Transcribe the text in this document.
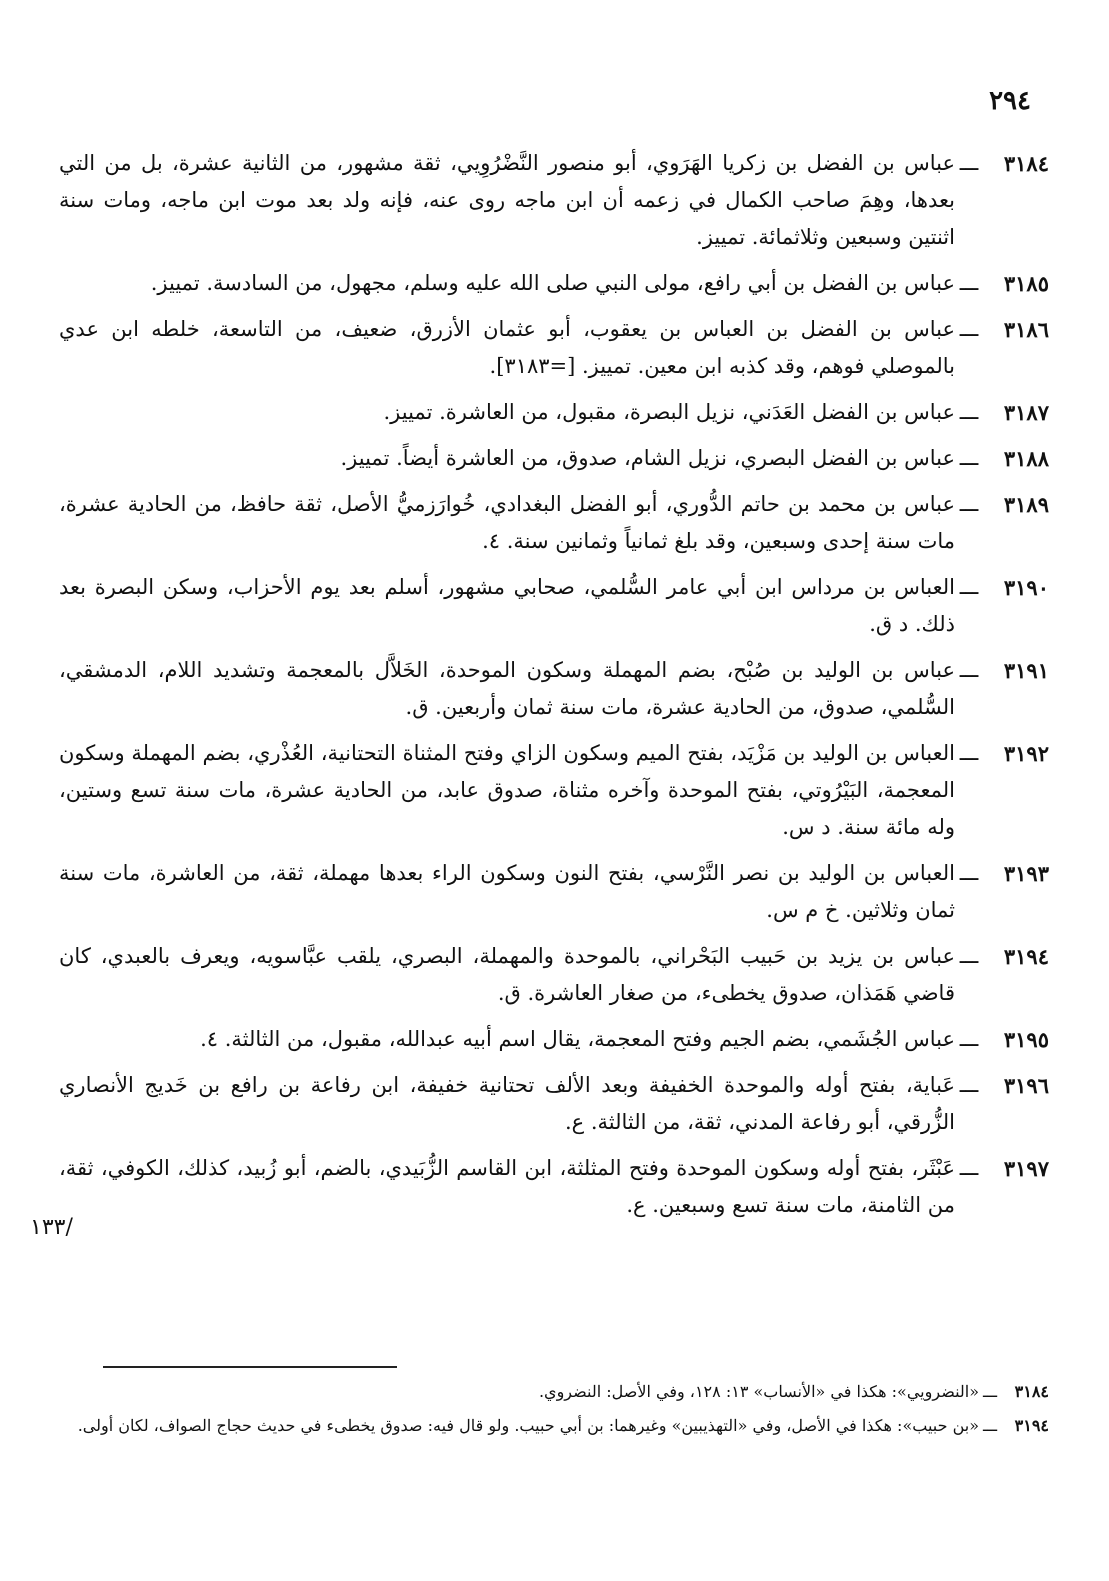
٢٩٤
٣١٨٤
ـــ
عباس بن الفضل بن زكريا الهَرَوي، أبو منصور النَّضْرُوِيي، ثقة مشهور، من الثانية عشرة، بل من التي بعدها، وهِمَ صاحب الكمال في زعمه أن ابن ماجه روى عنه، فإنه ولد بعد موت ابن ماجه، ومات سنة اثنتين وسبعين وثلاثمائة. تمييز.
٣١٨٥
ـــ
عباس بن الفضل بن أبي رافع، مولى النبي صلى الله عليه وسلم، مجهول، من السادسة. تمييز.
٣١٨٦
ـــ
عباس بن الفضل بن العباس بن يعقوب، أبو عثمان الأزرق، ضعيف، من التاسعة، خلطه ابن عدي بالموصلي فوهم، وقد كذبه ابن معين. تمييز. [=٣١٨٣].
٣١٨٧
ـــ
عباس بن الفضل العَدَني، نزيل البصرة، مقبول، من العاشرة. تمييز.
٣١٨٨
ـــ
عباس بن الفضل البصري، نزيل الشام، صدوق، من العاشرة أيضاً. تمييز.
٣١٨٩
ـــ
عباس بن محمد بن حاتم الدُّوري، أبو الفضل البغدادي، خُوارَزميُّ الأصل، ثقة حافظ، من الحادية عشرة، مات سنة إحدى وسبعين، وقد بلغ ثمانياً وثمانين سنة. ٤.
٣١٩٠
ـــ
العباس بن مرداس ابن أبي عامر السُّلمي، صحابي مشهور، أسلم بعد يوم الأحزاب، وسكن البصرة بعد ذلك. د ق.
٣١٩١
ـــ
عباس بن الوليد بن صُبْح، بضم المهملة وسكون الموحدة، الخَلاَّل بالمعجمة وتشديد اللام، الدمشقي، السُّلمي، صدوق، من الحادية عشرة، مات سنة ثمان وأربعين. ق.
٣١٩٢
ـــ
العباس بن الوليد بن مَزْيَد، بفتح الميم وسكون الزاي وفتح المثناة التحتانية، العُذْري، بضم المهملة وسكون المعجمة، البَيْرُوتي، بفتح الموحدة وآخره مثناة، صدوق عابد، من الحادية عشرة، مات سنة تسع وستين، وله مائة سنة. د س.
٣١٩٣
ـــ
العباس بن الوليد بن نصر النَّرْسي، بفتح النون وسكون الراء بعدها مهملة، ثقة، من العاشرة، مات سنة ثمان وثلاثين. خ م س.
٣١٩٤
ـــ
عباس بن يزيد بن حَبيب البَحْراني، بالموحدة والمهملة، البصري، يلقب عبَّاسويه، ويعرف بالعبدي، كان قاضي هَمَذان، صدوق يخطىء، من صغار العاشرة. ق.
٣١٩٥
ـــ
عباس الجُشَمي، بضم الجيم وفتح المعجمة، يقال اسم أبيه عبدالله، مقبول، من الثالثة. ٤.
٣١٩٦
ـــ
عَباية، بفتح أوله والموحدة الخفيفة وبعد الألف تحتانية خفيفة، ابن رفاعة بن رافع بن خَديج الأنصاري الزُّرقي، أبو رفاعة المدني، ثقة، من الثالثة. ع.
٣١٩٧
ـــ
عَبْثَر، بفتح أوله وسكون الموحدة وفتح المثلثة، ابن القاسم الزُّبَيدي، بالضم، أبو زُبيد، كذلك، الكوفي، ثقة، من الثامنة، مات سنة تسع وسبعين. ع.
/١٣٣
٣١٨٤
ـــ
«النضرويي»: هكذا في «الأنساب» ١٣: ١٢٨، وفي الأصل: النضروي.
٣١٩٤
ـــ
«بن حبيب»: هكذا في الأصل، وفي «التهذيبين» وغيرهما: بن أبي حبيب. ولو قال فيه: صدوق يخطىء في حديث حجاج الصواف، لكان أولى.
